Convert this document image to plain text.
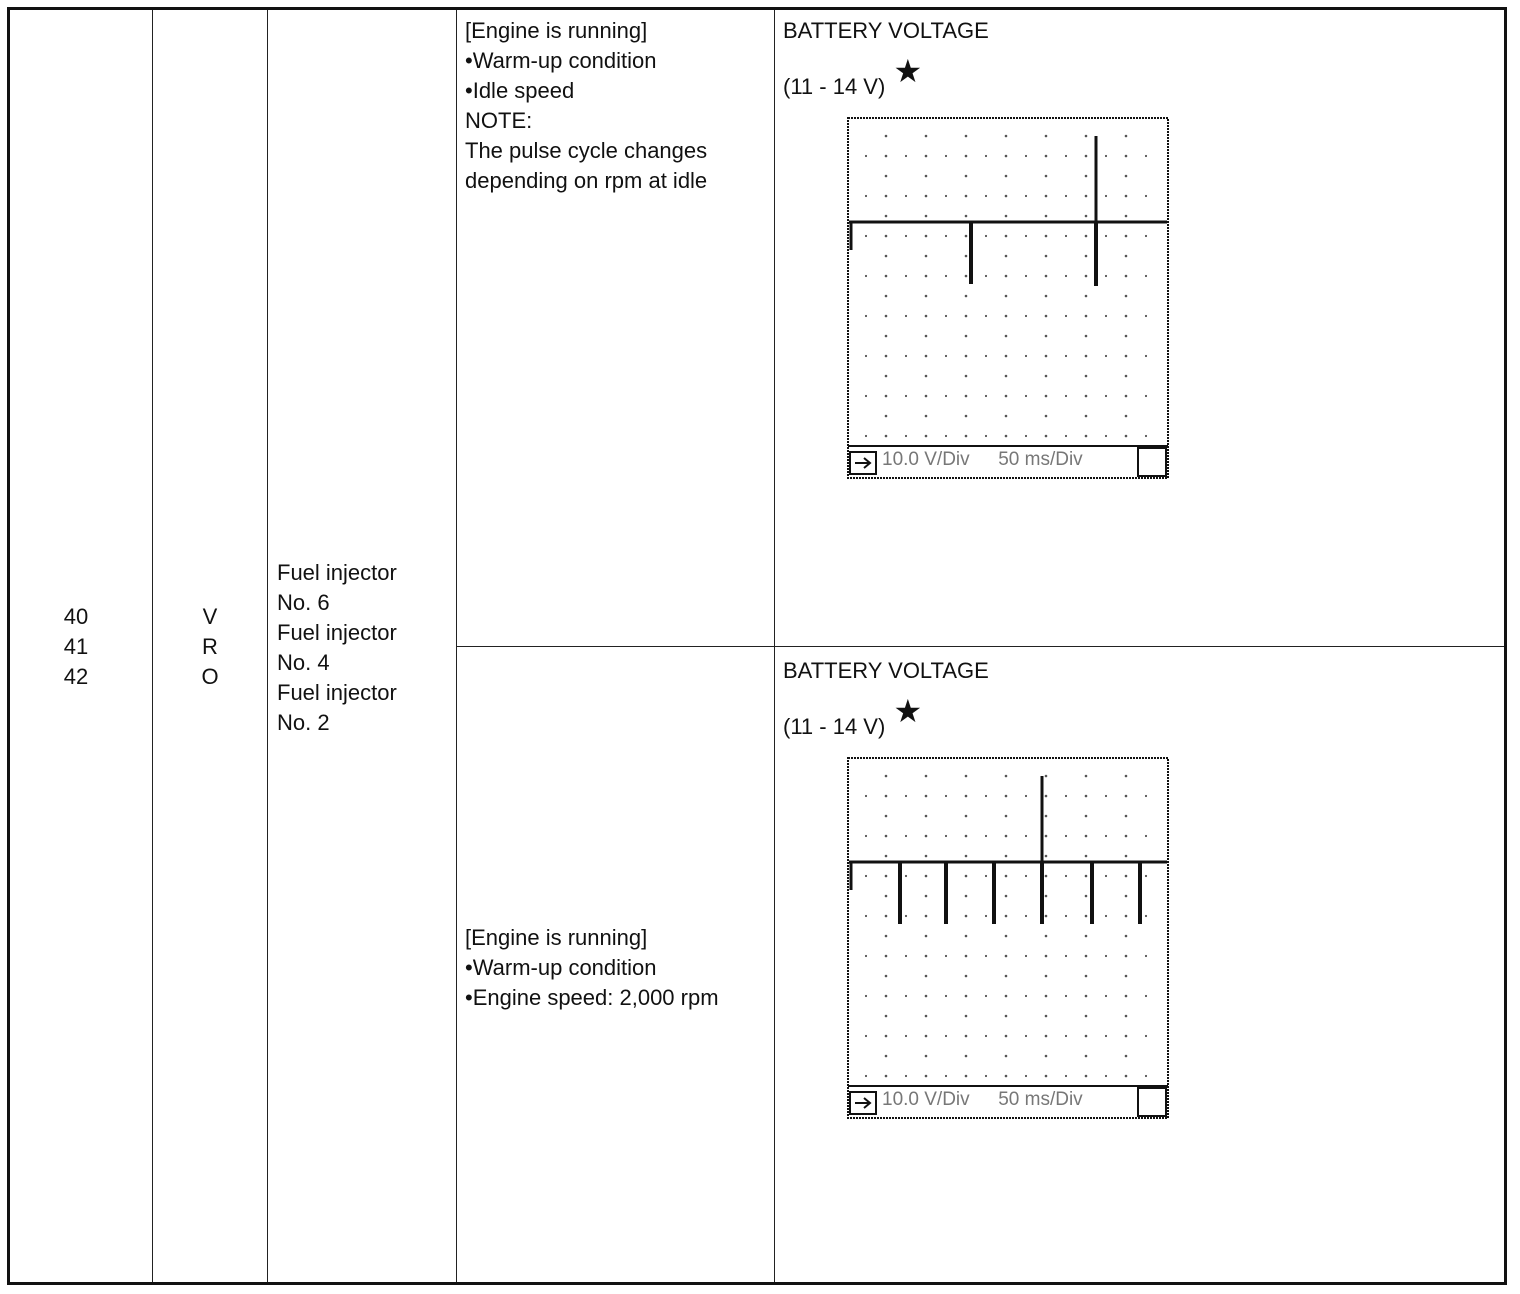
40
41
42
V
R
O
Fuel injector
No. 6
Fuel injector
No. 4
Fuel injector
No. 2
[Engine is running]
•Warm-up condition
•Idle speed
NOTE:
The pulse cycle changes
depending on rpm at idle
BATTERY VOLTAGE
(11 - 14 V) ★
10.0 V/Div 50 ms/Div
[Engine is running]
•Warm-up condition
•Engine speed: 2,000 rpm
BATTERY VOLTAGE
(11 - 14 V) ★
10.0 V/Div 50 ms/Div
